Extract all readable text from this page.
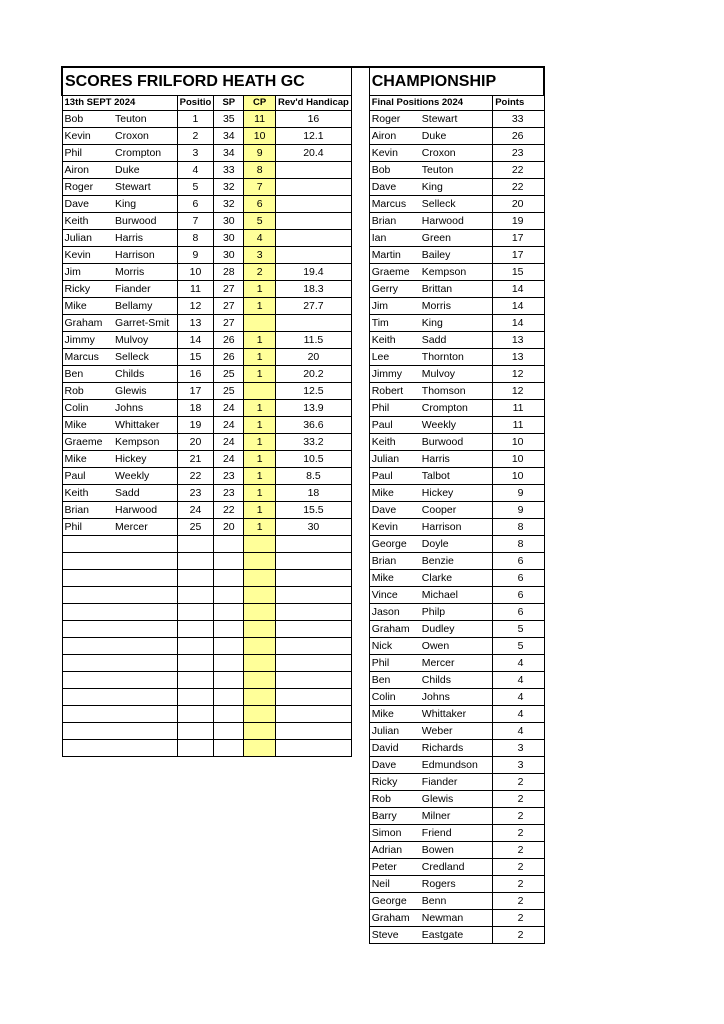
SCORES FRILFORD HEATH GC							CHAMPIONSHIP		
13th SEPT 2024		Positio	SP	CP	Rev'd Handicap		Final Positions 2024		Points
Bob	Teuton	1	35	11	16		Roger	Stewart	33
Kevin	Croxon	2	34	10	12.1		Airon	Duke	26
Phil	Crompton	3	34	9	20.4		Kevin	Croxon	23
Airon	Duke	4	33	8			Bob	Teuton	22
Roger	Stewart	5	32	7			Dave	King	22
Dave	King	6	32	6			Marcus	Selleck	20
Keith	Burwood	7	30	5			Brian	Harwood	19
Julian	Harris	8	30	4			Ian	Green	17
Kevin	Harrison	9	30	3			Martin	Bailey	17
Jim	Morris	10	28	2	19.4		Graeme	Kempson	15
Ricky	Fiander	11	27	1	18.3		Gerry	Brittan	14
Mike	Bellamy	12	27	1	27.7		Jim	Morris	14
Graham	Garret-Smit	13	27				Tim	King	14
Jimmy	Mulvoy	14	26	1	11.5		Keith	Sadd	13
Marcus	Selleck	15	26	1	20		Lee	Thornton	13
Ben	Childs	16	25	1	20.2		Jimmy	Mulvoy	12
Rob	Glewis	17	25		12.5		Robert	Thomson	12
Colin	Johns	18	24	1	13.9		Phil	Crompton	11
Mike	Whittaker	19	24	1	36.6		Paul	Weekly	11
Graeme	Kempson	20	24	1	33.2		Keith	Burwood	10
Mike	Hickey	21	24	1	10.5		Julian	Harris	10
Paul	Weekly	22	23	1	8.5		Paul	Talbot	10
Keith	Sadd	23	23	1	18		Mike	Hickey	9
Brian	Harwood	24	22	1	15.5		Dave	Cooper	9
Phil	Mercer	25	20	1	30		Kevin	Harrison	8
							George	Doyle	8
							Brian	Benzie	6
							Mike	Clarke	6
							Vince	Michael	6
							Jason	Philp	6
							Graham	Dudley	5
							Nick	Owen	5
							Phil	Mercer	4
							Ben	Childs	4
							Colin	Johns	4
							Mike	Whittaker	4
							Julian	Weber	4
							David	Richards	3
							Dave	Edmundson	3
							Ricky	Fiander	2
							Rob	Glewis	2
							Barry	Milner	2
							Simon	Friend	2
							Adrian	Bowen	2
							Peter	Credland	2
							Neil	Rogers	2
							George	Benn	2
							Graham	Newman	2
							Steve	Eastgate	2
